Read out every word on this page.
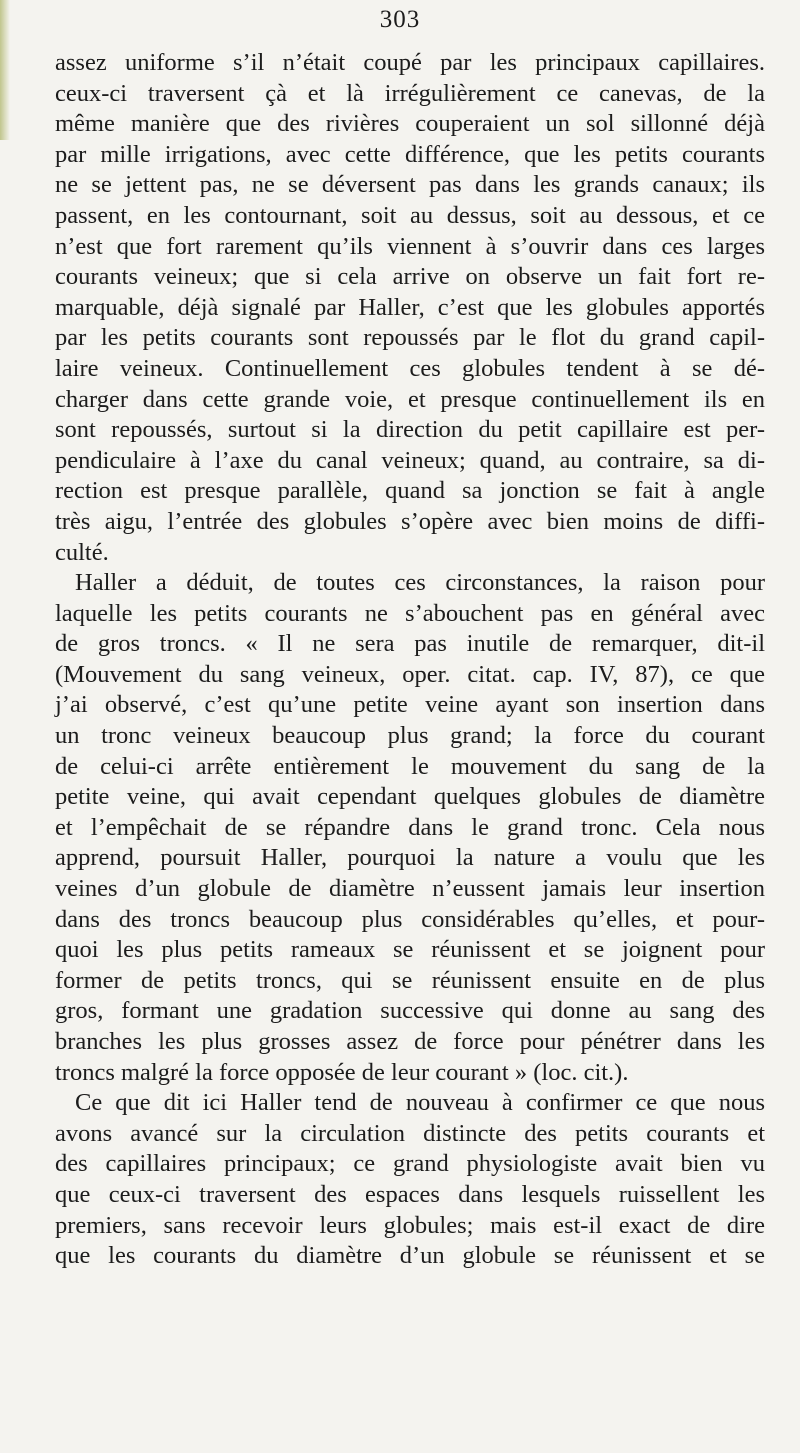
303
assez uniforme s’il n’était coupé par les principaux capillaires.
ceux-ci traversent çà et là irrégulièrement ce canevas, de la
même manière que des rivières couperaient un sol sillonné déjà
par mille irrigations, avec cette différence, que les petits courants
ne se jettent pas, ne se déversent pas dans les grands canaux; ils
passent, en les contournant, soit au dessus, soit au dessous, et ce
n’est que fort rarement qu’ils viennent à s’ouvrir dans ces larges
courants veineux; que si cela arrive on observe un fait fort re-
marquable, déjà signalé par Haller, c’est que les globules apportés
par les petits courants sont repoussés par le flot du grand capil-
laire veineux. Continuellement ces globules tendent à se dé-
charger dans cette grande voie, et presque continuellement ils en
sont repoussés, surtout si la direction du petit capillaire est per-
pendiculaire à l’axe du canal veineux; quand, au contraire, sa di-
rection est presque parallèle, quand sa jonction se fait à angle
très aigu, l’entrée des globules s’opère avec bien moins de diffi-
culté.
Haller a déduit, de toutes ces circonstances, la raison pour
laquelle les petits courants ne s’abouchent pas en général avec
de gros troncs. « Il ne sera pas inutile de remarquer, dit-il
(Mouvement du sang veineux, oper. citat. cap. IV, 87), ce que
j’ai observé, c’est qu’une petite veine ayant son insertion dans
un tronc veineux beaucoup plus grand; la force du courant
de celui-ci arrête entièrement le mouvement du sang de la
petite veine, qui avait cependant quelques globules de diamètre
et l’empêchait de se répandre dans le grand tronc. Cela nous
apprend, poursuit Haller, pourquoi la nature a voulu que les
veines d’un globule de diamètre n’eussent jamais leur insertion
dans des troncs beaucoup plus considérables qu’elles, et pour-
quoi les plus petits rameaux se réunissent et se joignent pour
former de petits troncs, qui se réunissent ensuite en de plus
gros, formant une gradation successive qui donne au sang des
branches les plus grosses assez de force pour pénétrer dans les
troncs malgré la force opposée de leur courant » (loc. cit.).
Ce que dit ici Haller tend de nouveau à confirmer ce que nous
avons avancé sur la circulation distincte des petits courants et
des capillaires principaux; ce grand physiologiste avait bien vu
que ceux-ci traversent des espaces dans lesquels ruissellent les
premiers, sans recevoir leurs globules; mais est-il exact de dire
que les courants du diamètre d’un globule se réunissent et se
